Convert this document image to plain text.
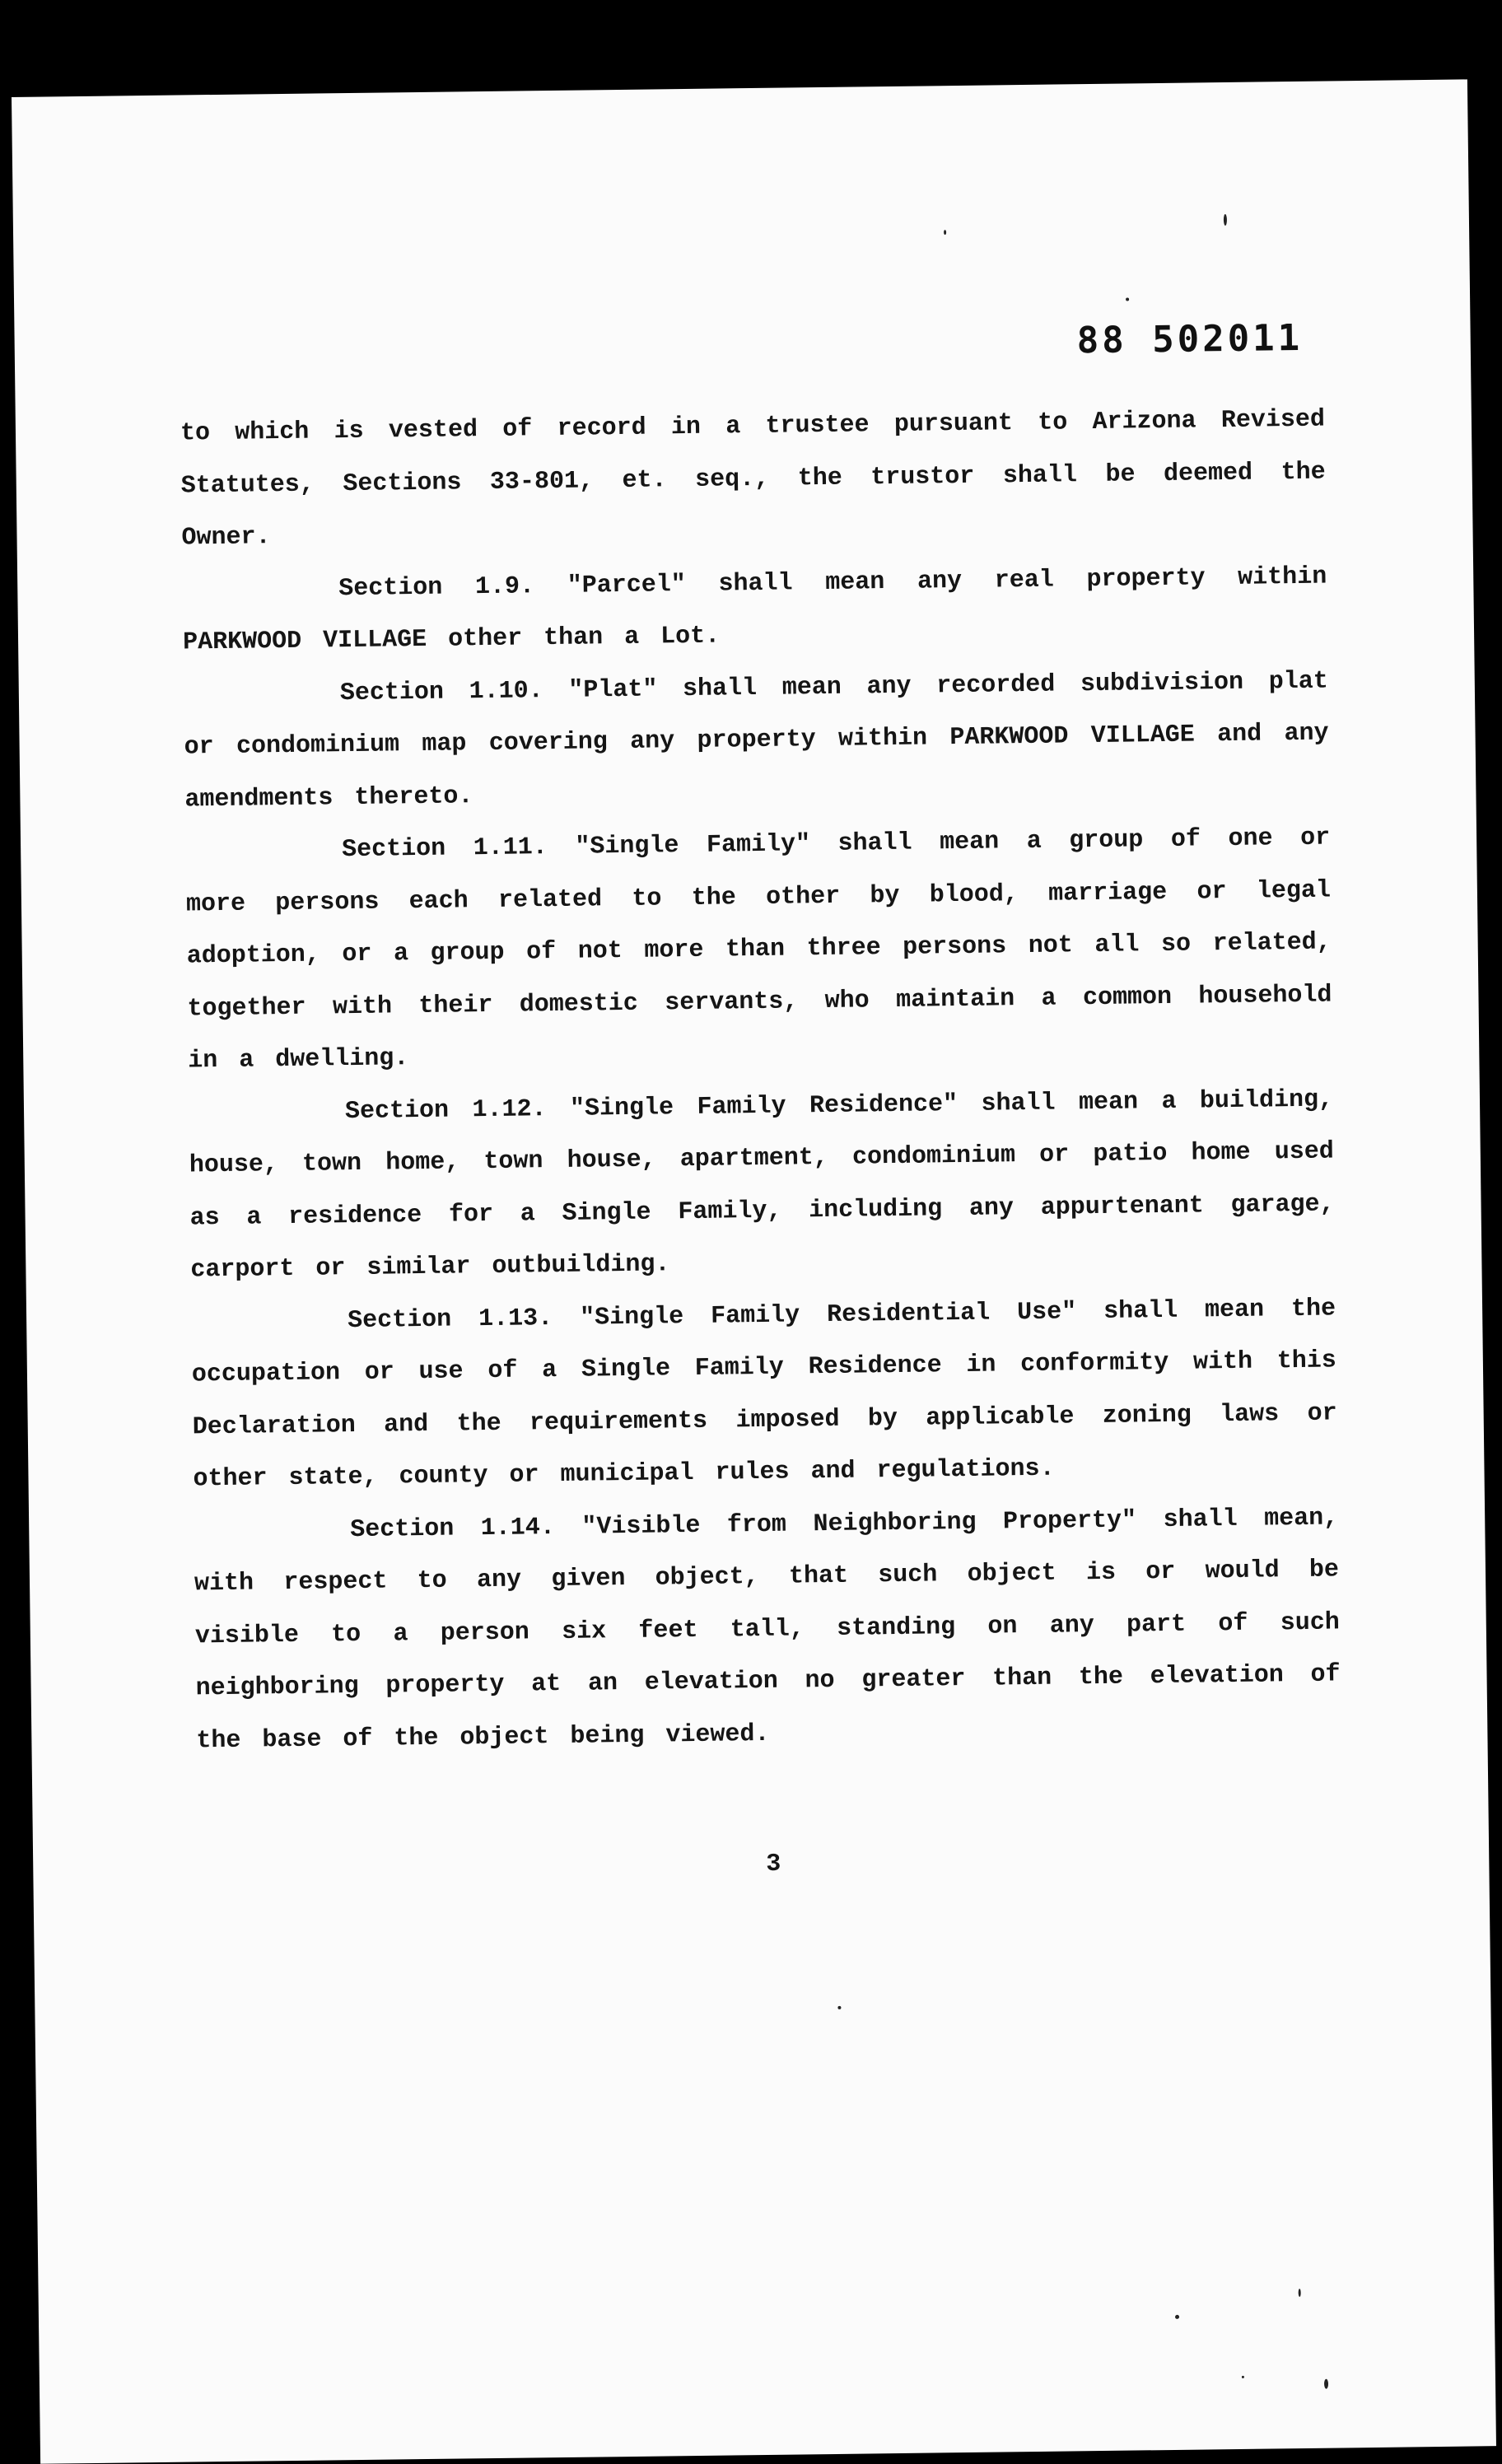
88 502011

to which is vested of record in a trustee pursuant to Arizona Revised Statutes, Sections 33-801, et. seq., the trustor shall be deemed the Owner.

Section 1.9. "Parcel" shall mean any real property within PARKWOOD VILLAGE other than a Lot.

Section 1.10. "Plat" shall mean any recorded subdivision plat or condominium map covering any property within PARKWOOD VILLAGE and any amendments thereto.

Section 1.11. "Single Family" shall mean a group of one or more persons each related to the other by blood, marriage or legal adoption, or a group of not more than three persons not all so related, together with their domestic servants, who maintain a common household in a dwelling.

Section 1.12. "Single Family Residence" shall mean a building, house, town home, town house, apartment, condominium or patio home used as a residence for a Single Family, including any appurtenant garage, carport or similar outbuilding.

Section 1.13. "Single Family Residential Use" shall mean the occupation or use of a Single Family Residence in conformity with this Declaration and the requirements imposed by applicable zoning laws or other state, county or municipal rules and regulations.

Section 1.14. "Visible from Neighboring Property" shall mean, with respect to any given object, that such object is or would be visible to a person six feet tall, standing on any part of such neighboring property at an elevation no greater than the elevation of the base of the object being viewed.

3
